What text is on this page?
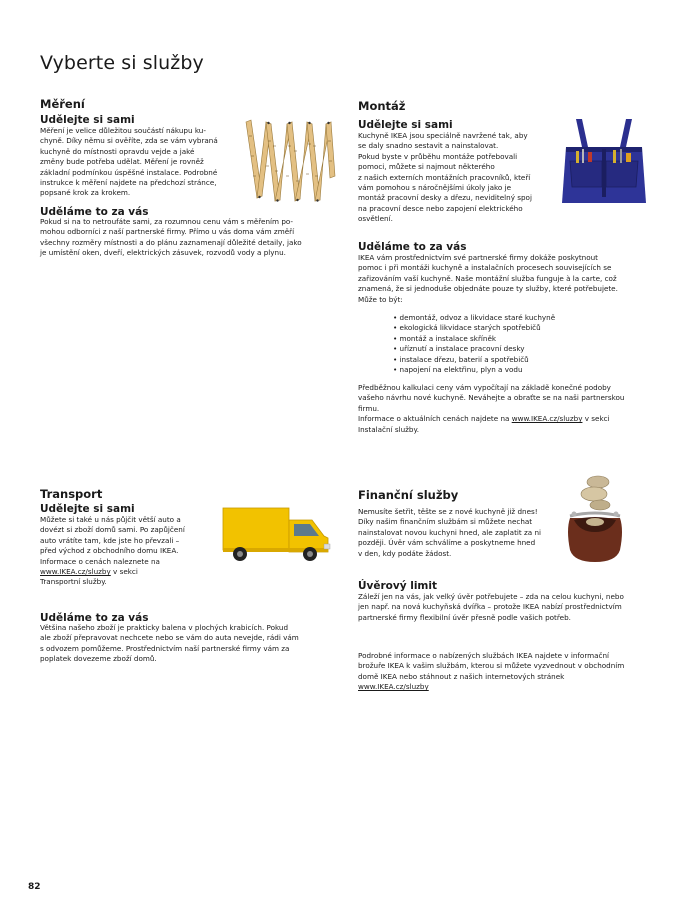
Vyberte si služby
Měření
Udělejte si sami

Měření je velice důležitou součástí nákupu ku-

chyně. Díky němu si ověříte, zda se vám vybraná

kuchyně do místnosti opravdu vejde a jaké

změny bude potřeba udělat. Měření je rovněž

základní podmínkou úspěšné instalace. Podrobné

instrukce k měření najdete na předchozí stránce,

popsané krok za krokem.

Uděláme to za vás

Pokud si na to netroufáte sami, za rozumnou cenu vám s měřením po-

mohou odborníci z naší partnerské firmy. Přímo u vás doma vám změří

všechny rozměry místnosti a do plánu zaznamenají důležité detaily, jako

je umístění oken, dveří, elektrických zásuvek, rozvodů vody a plynu.

Montáž
Udělejte si sami

Kuchyně IKEA jsou speciálně navržené tak, aby

se daly snadno sestavit a nainstalovat.

Pokud byste v průběhu montáže potřebovali

pomoci, můžete si najmout některého

z našich externích montážních pracovníků, kteří

vám pomohou s náročnějšími úkoly jako je

montáž pracovní desky a dřezu, neviditelný spoj

na pracovní desce nebo zapojení elektrického

osvětlení.

Uděláme to za vás

IKEA vám prostřednictvím své partnerské firmy dokáže poskytnout

pomoc i při montáži kuchyně a instalačních procesech souvisejících se

zařizováním vaší kuchyně. Naše montážní služba funguje à la carte, což

znamená, že si jednoduše objednáte pouze ty služby, které potřebujete.

Může to být:

• demontáž, odvoz a likvidace staré kuchyně
• ekologická likvidace starých spotřebičů
• montáž a instalace skříněk
• uříznutí a instalace pracovní desky
• instalace dřezu, baterií a spotřebičů
• napojení na elektřinu, plyn a vodu

Předběžnou kalkulaci ceny vám vypočítají na základě konečné podoby

vašeho návrhu nové kuchyně. Neváhejte a obraťte se na naši partnerskou

firmu.

Informace o aktuálních cenách najdete na www.IKEA.cz/sluzby v sekci

Instalační služby.

Transport
Udělejte si sami

Můžete si také u nás půjčit větší auto a

dovézt si zboží domů sami. Po zapůjčení

auto vrátíte tam, kde jste ho převzali –

před východ z obchodního domu IKEA.

Informace o cenách naleznete na

www.IKEA.cz/sluzby v sekci

Transportní služby.

Uděláme to za vás

Většina našeho zboží je prakticky balena v plochých krabicích. Pokud

ale zboží přepravovat nechcete nebo se vám do auta nevejde, rádi vám

s odvozem pomůžeme. Prostřednictvím naší partnerské firmy vám za

poplatek dovezeme zboží domů.

Finanční služby

Nemusíte šetřit, těšte se z nové kuchyně již dnes!

Díky našim finančním službám si můžete nechat

nainstalovat novou kuchyni hned, ale zaplatit za ni

později. Úvěr vám schválíme a poskytneme hned

v den, kdy podáte žádost.

Úvěrový limit

Záleží jen na vás, jak velký úvěr potřebujete – zda na celou kuchyni, nebo

jen např. na nová kuchyňská dvířka – protože IKEA nabízí prostřednictvím

partnerské firmy flexibilní úvěr přesně podle vašich potřeb.

Podrobné informace o nabízených službách IKEA najdete v informační

brožuře IKEA k vašim službám, kterou si můžete vyzvednout v obchodním

domě IKEA nebo stáhnout z našich internetových stránek

www.IKEA.cz/sluzby

82
